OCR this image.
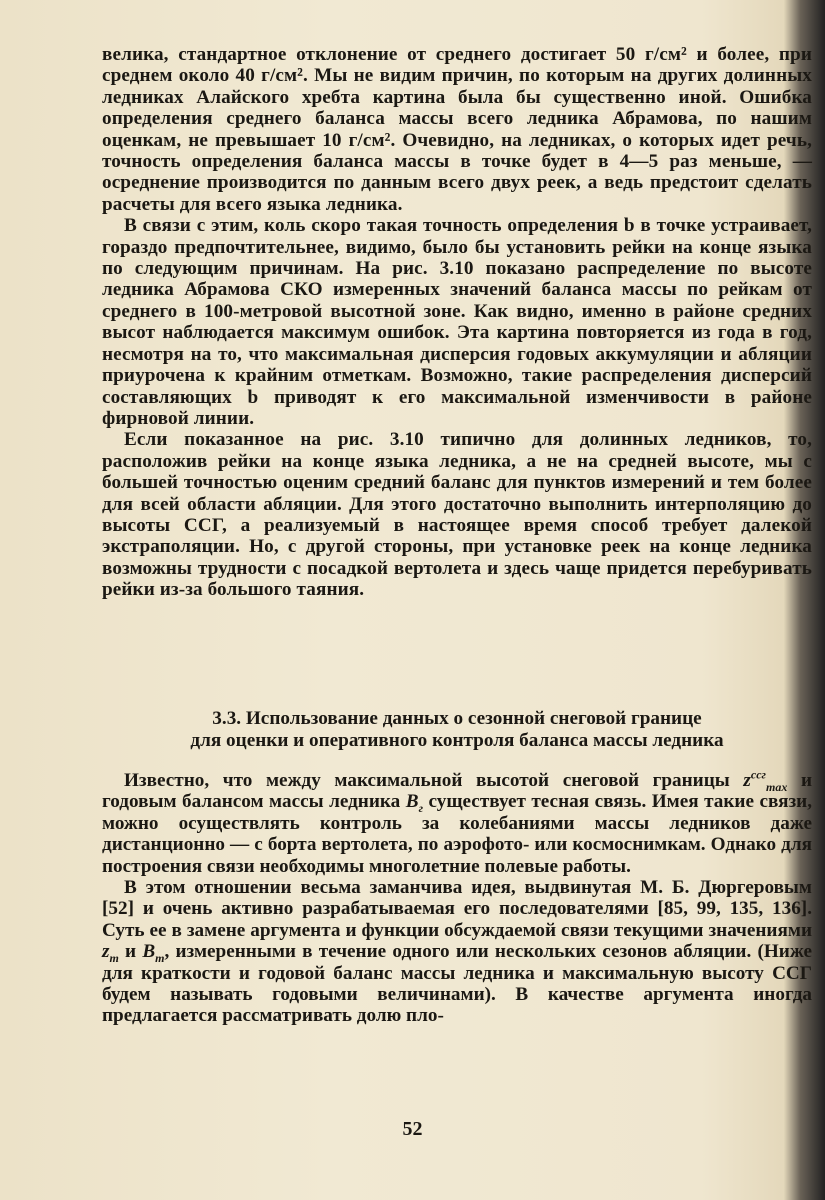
велика, стандартное отклонение от среднего достигает 50 г/см² и более, при среднем около 40 г/см². Мы не видим причин, по которым на других долинных ледниках Алайского хребта картина была бы существенно иной. Ошибка определения среднего баланса массы всего ледника Абрамова, по нашим оценкам, не превышает 10 г/см². Очевидно, на ледниках, о которых идет речь, точность определения баланса массы в точке будет в 4—5 раз меньше, — осреднение производится по данным всего двух реек, а ведь предстоит сделать расчеты для всего языка ледника.

В связи с этим, коль скоро такая точность определения b в точке устраивает, гораздо предпочтительнее, видимо, было бы установить рейки на конце языка по следующим причинам. На рис. 3.10 показано распределение по высоте ледника Абрамова СКО измеренных значений баланса массы по рейкам от среднего в 100-метровой высотной зоне. Как видно, именно в районе средних высот наблюдается максимум ошибок. Эта картина повторяется из года в год, несмотря на то, что максимальная дисперсия годовых аккумуляции и абляции приурочена к крайним отметкам. Возможно, такие распределения дисперсий составляющих b приводят к его максимальной изменчивости в районе фирновой линии.

Если показанное на рис. 3.10 типично для долинных ледников, то, расположив рейки на конце языка ледника, а не на средней высоте, мы с большей точностью оценим средний баланс для пунктов измерений и тем более для всей области абляции. Для этого достаточно выполнить интерполяцию до высоты ССГ, а реализуемый в настоящее время способ требует далекой экстраполяции. Но, с другой стороны, при установке реек на конце ледника возможны трудности с посадкой вертолета и здесь чаще придется перебуривать рейки из-за большого таяния.

3.3. Использование данных о сезонной снеговой границе
для оценки и оперативного контроля баланса массы ледника

Известно, что между максимальной высотой снеговой границы $z^{ссг}_{max}$ и годовым балансом массы ледника $B_г$ существует тесная связь. Имея такие связи, можно осуществлять контроль за колебаниями массы ледников даже дистанционно — с борта вертолета, по аэрофото- или космоснимкам. Однако для построения связи необходимы многолетние полевые работы.

В этом отношении весьма заманчива идея, выдвинутая М. Б. Дюргеровым [52] и очень активно разрабатываемая его последователями [85, 99, 135, 136]. Суть ее в замене аргумента и функции обсуждаемой связи текущими значениями $z_т$ и $B_т$, измеренными в течение одного или нескольких сезонов абляции. (Ниже для краткости и годовой баланс массы ледника и максимальную высоту ССГ будем называть годовыми величинами). В качестве аргумента иногда предлагается рассматривать долю пло-

52
